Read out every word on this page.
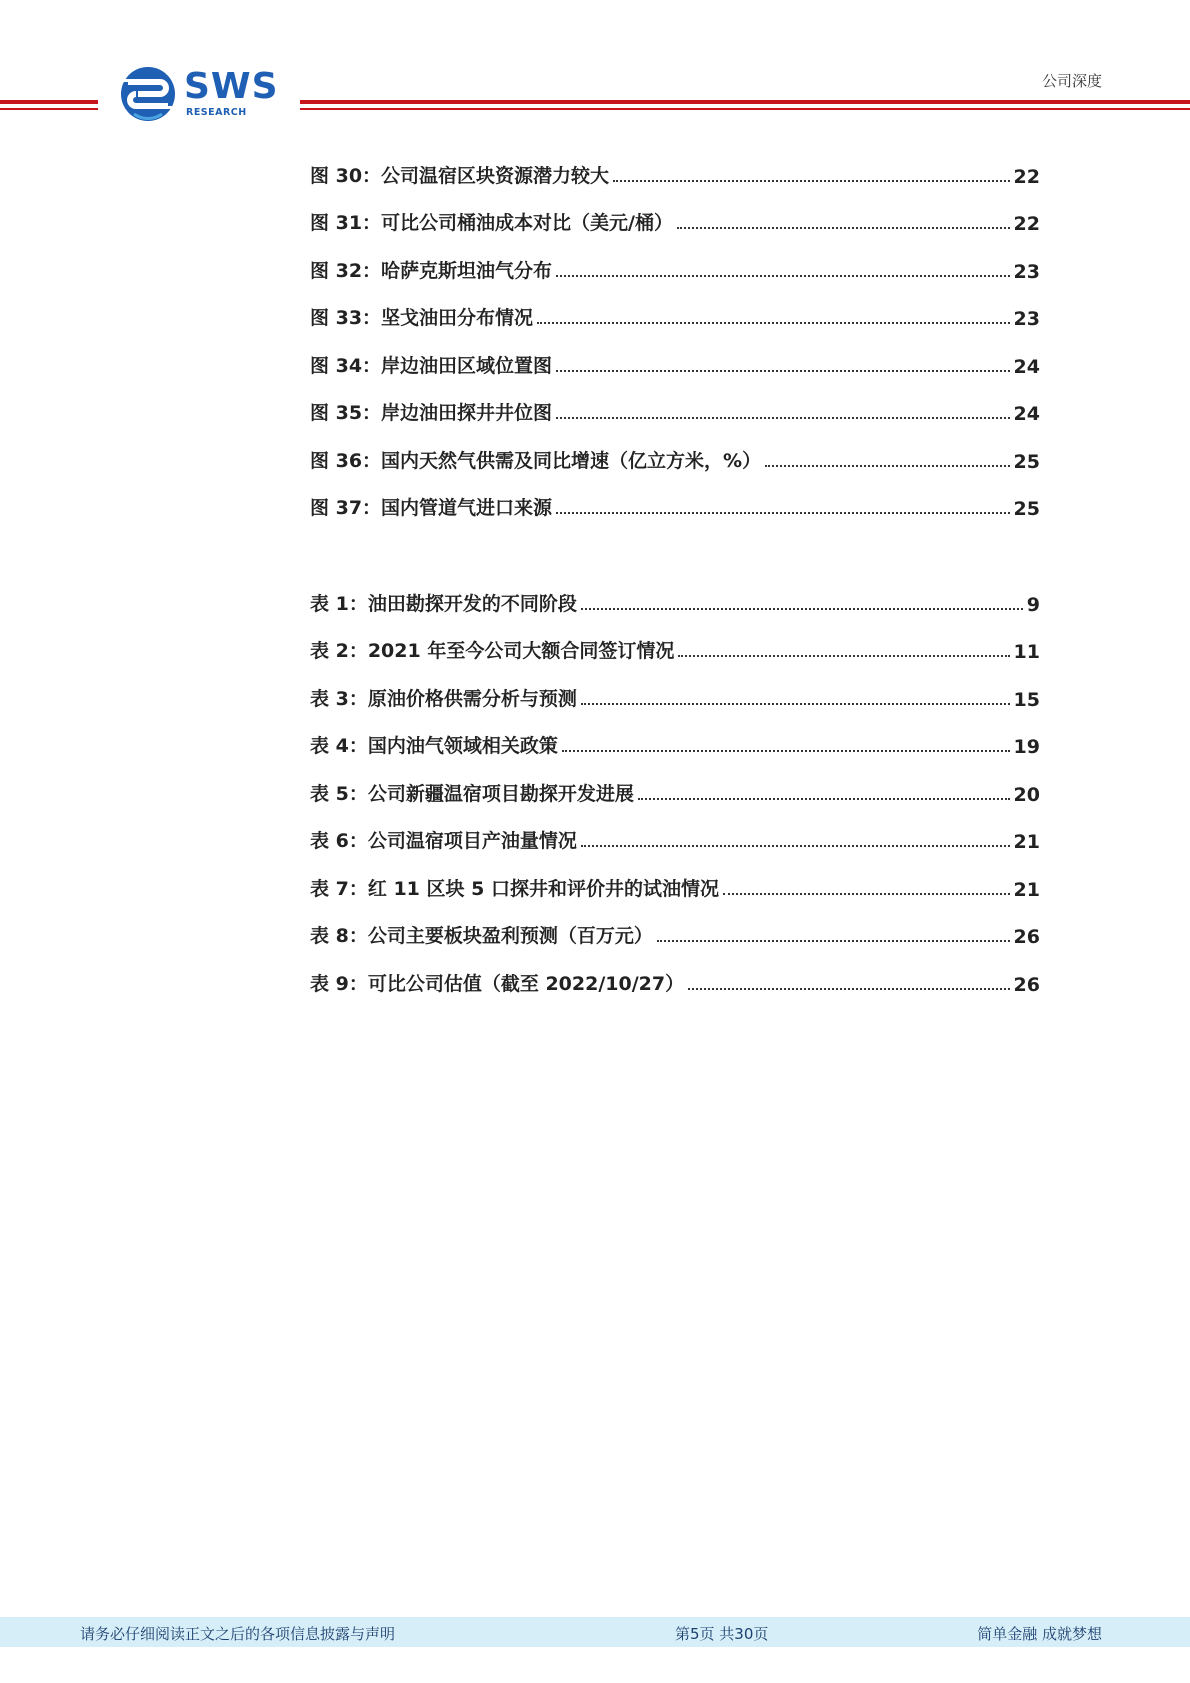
SWS
RESEARCH
公司深度
图 30：公司温宿区块资源潜力较大	22
图 31：可比公司桶油成本对比（美元/桶）	22
图 32：哈萨克斯坦油气分布	23
图 33：坚戈油田分布情况	23
图 34：岸边油田区域位置图	24
图 35：岸边油田探井井位图	24
图 36：国内天然气供需及同比增速（亿立方米，%）	25
图 37：国内管道气进口来源	25
表 1：油田勘探开发的不同阶段	9
表 2：2021 年至今公司大额合同签订情况	11
表 3：原油价格供需分析与预测	15
表 4：国内油气领域相关政策	19
表 5：公司新疆温宿项目勘探开发进展	20
表 6：公司温宿项目产油量情况	21
表 7：红 11 区块 5 口探井和评价井的试油情况	21
表 8：公司主要板块盈利预测（百万元）	26
表 9：可比公司估值（截至 2022/10/27）	26
请务必仔细阅读正文之后的各项信息披露与声明	第5页 共30页	简单金融 成就梦想
